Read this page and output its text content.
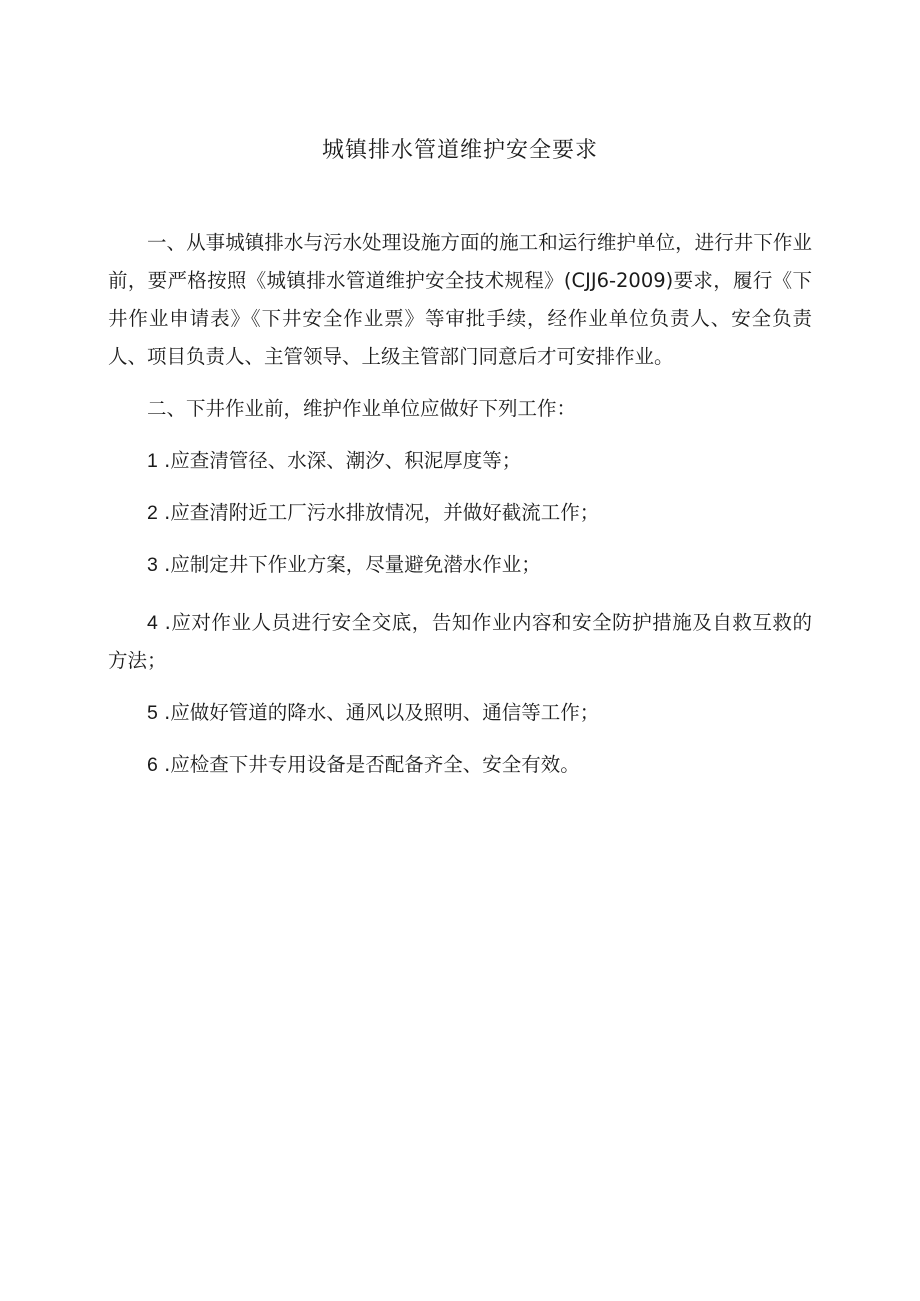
城镇排水管道维护安全要求

一、从事城镇排水与污水处理设施方面的施工和运行维护单位，进行井下作业前，要严格按照《城镇排水管道维护安全技术规程》(CJJ6-2009)要求，履行《下井作业申请表》《下井安全作业票》等审批手续，经作业单位负责人、安全负责人、项目负责人、主管领导、上级主管部门同意后才可安排作业。

二、下井作业前，维护作业单位应做好下列工作：

1 .应查清管径、水深、潮汐、积泥厚度等；

2 .应查清附近工厂污水排放情况，并做好截流工作；

3 .应制定井下作业方案，尽量避免潜水作业；

4 .应对作业人员进行安全交底，告知作业内容和安全防护措施及自救互救的方法；

5 .应做好管道的降水、通风以及照明、通信等工作；

6 .应检查下井专用设备是否配备齐全、安全有效。
